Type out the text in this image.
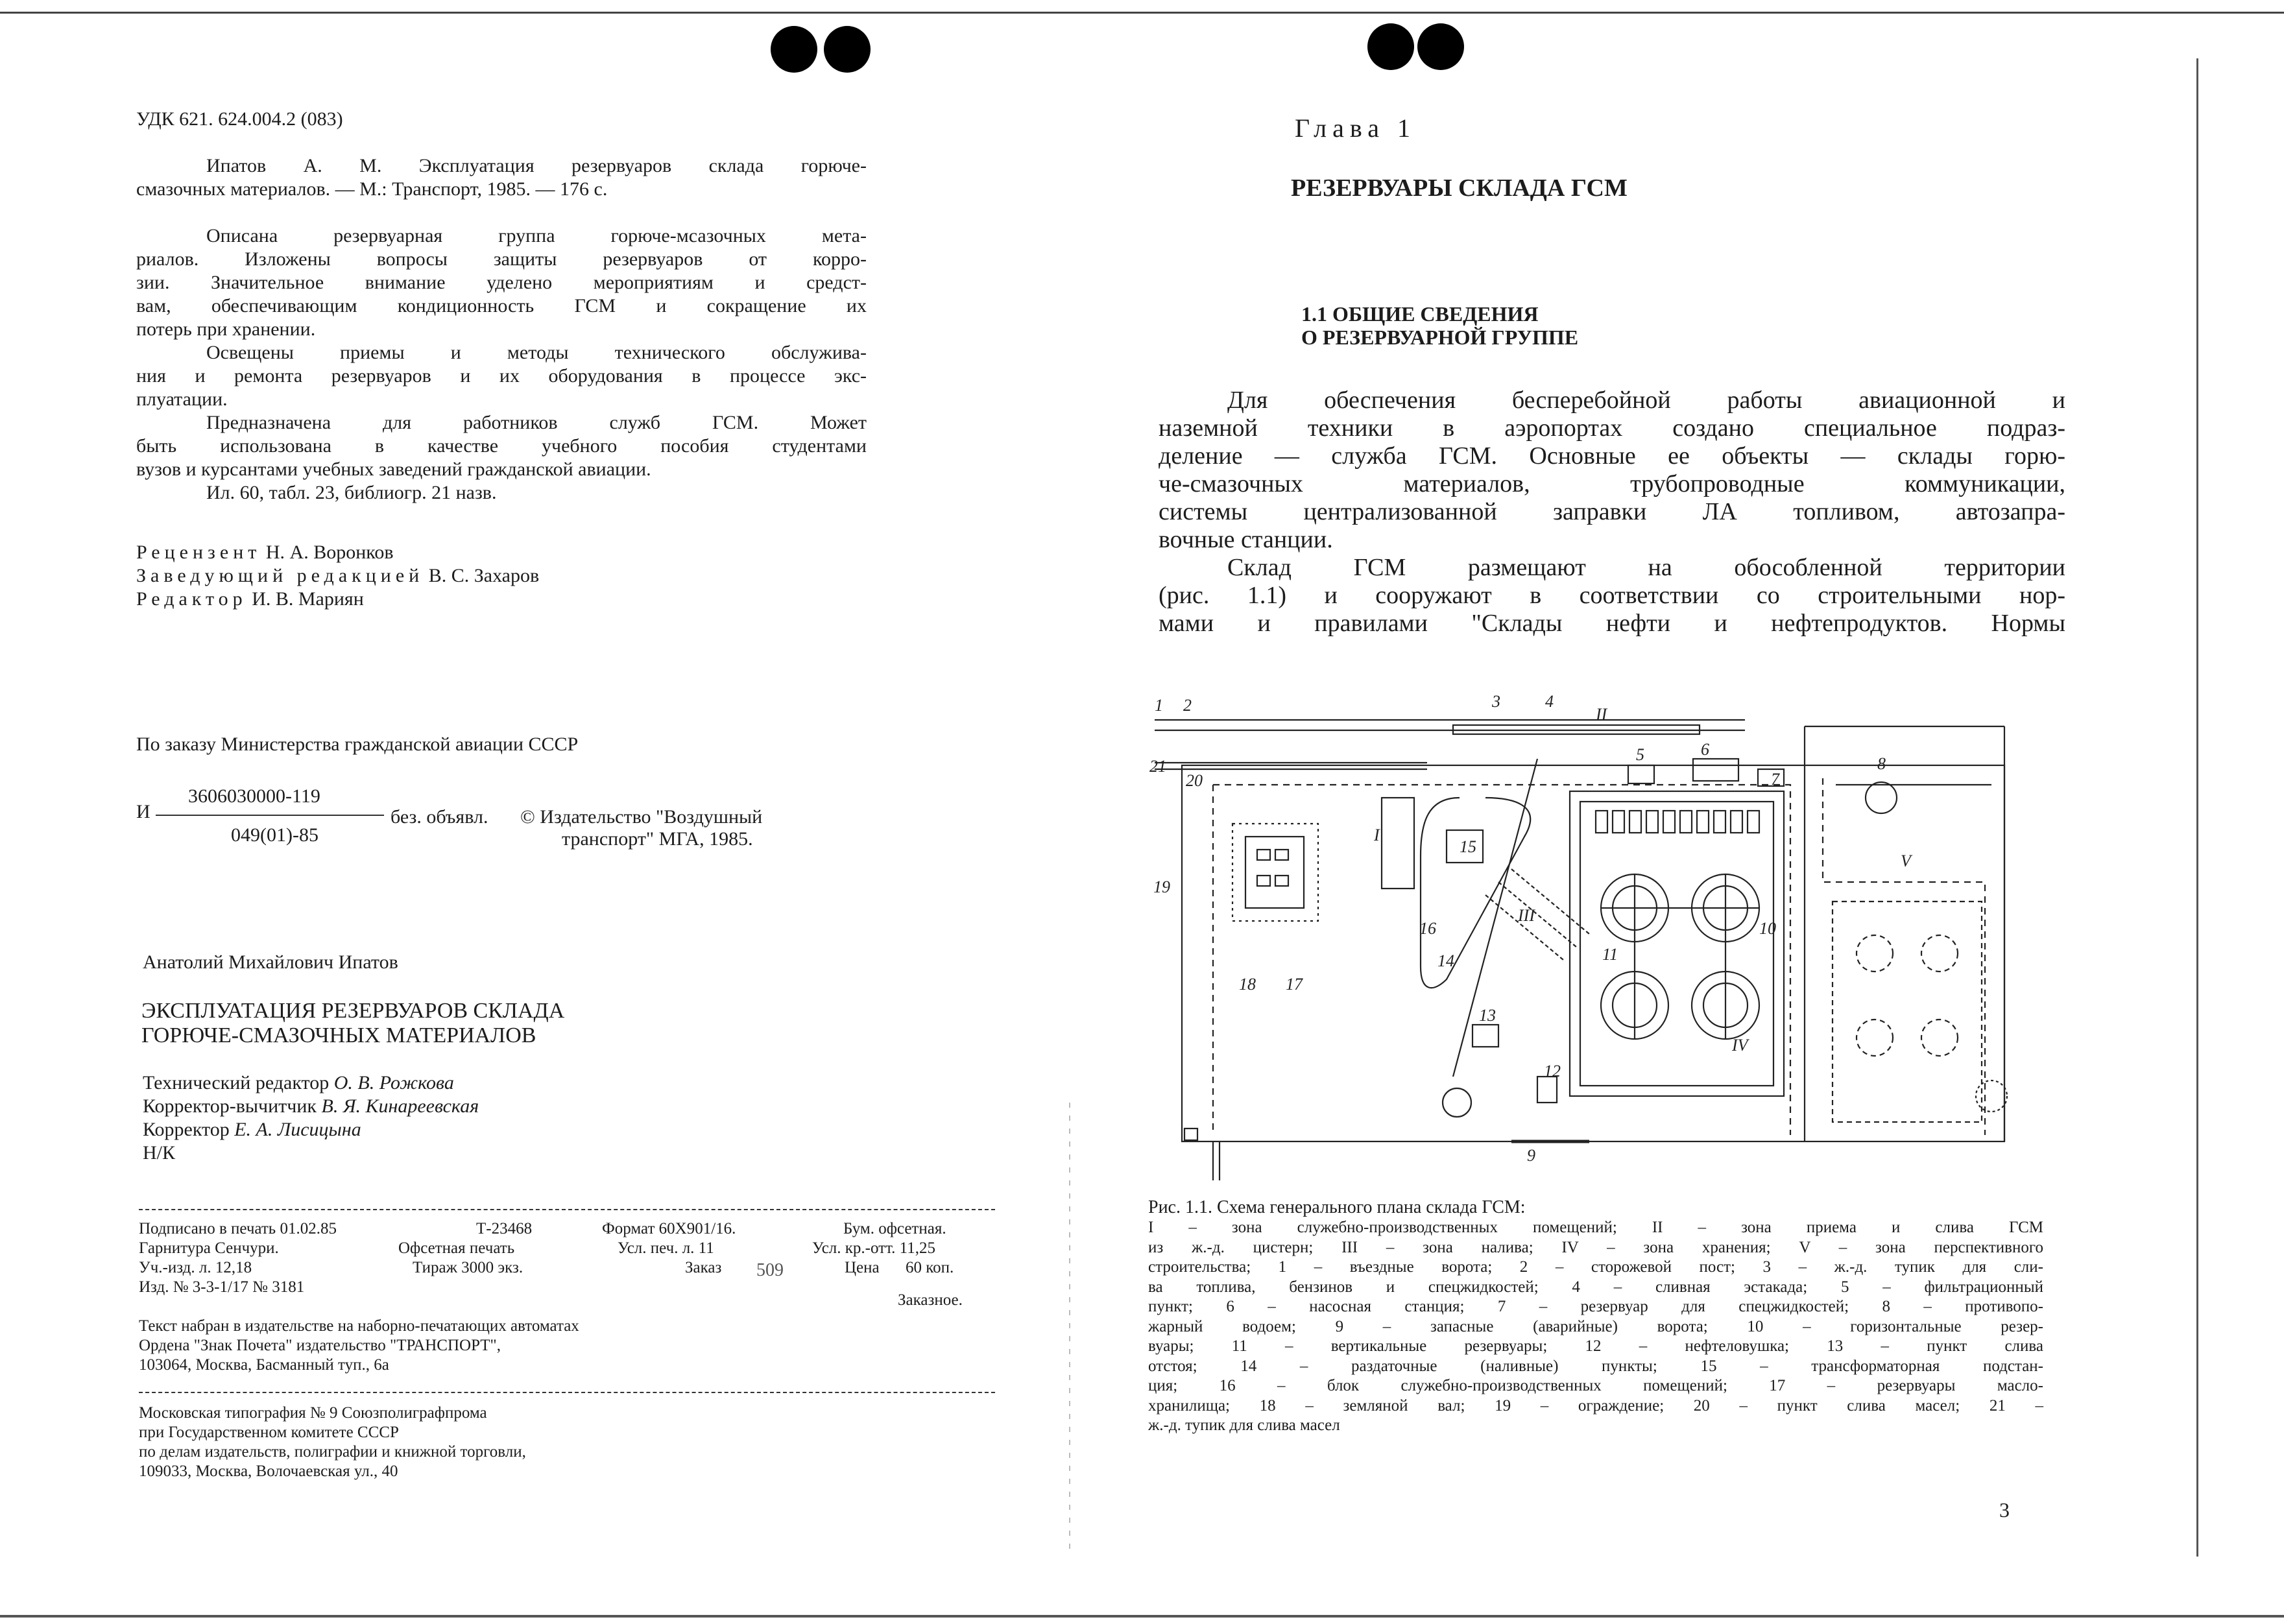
УДК 621. 624.004.2 (083)

Ипатов А. М. Эксплуатация резервуаров склада горюче-

смазочных материалов. — М.: Транспорт, 1985. — 176 с.

Описана резервуарная группа горюче-мсазочных мета-

риалов. Изложены вопросы защиты резервуаров от корро-

зии. Значительное внимание уделено мероприятиям и средст-

вам, обеспечивающим кондиционность ГСМ и сокращение их

потерь при хранении.

Освещены приемы и методы технического обслужива-

ния и ремонта резервуаров и их оборудования в процессе экс-

плуатации.

Предназначена для работников служб ГСМ. Может

быть использована в качестве учебного пособия студентами

вузов и курсантами учебных заведений гражданской авиации.

Ил. 60, табл. 23, библиогр. 21 назв.

Рецензент Н. А. Воронков
Заведующий редакцией В. С. Захаров
Редактор И. В. Мариян
По заказу Министерства гражданской авиации СССР
И
3606030000-119
049(01)-85
без. объявл. © Издательство "Воздушный
транспорт" МГА, 1985.
Анатолий Михайлович Ипатов
ЭКСПЛУАТАЦИЯ РЕЗЕРВУАРОВ СКЛАДА
ГОРЮЧЕ-СМАЗОЧНЫХ МАТЕРИАЛОВ
Технический редактор О. В. Рожкова
Корректор-вычитчик В. Я. Кинареевская
Корректор Е. А. Лисицына
Н/К
Подписано в печать 01.02.85	Т-23468	Формат 60Х901/16.	Бум. офсетная.
Гарнитура Сенчури.	Офсетная печать	Усл. печ. л. 11	Усл. кр.-отт. 11,25
Уч.-изд. л. 12,18	Тираж 3000 экз.	Заказ 509	Цена 60 коп.
Изд. № 3-3-1/17 № 3181
Заказное.
Текст набран в издательстве на наборно-печатающих автоматах
Ордена "Знак Почета" издательство "ТРАНСПОРТ",
103064, Москва, Басманный туп., 6а
Московская типография № 9 Союзполиграфпрома
при Государственном комитете СССР
по делам издательств, полиграфии и книжной торговли,
109033, Москва, Волочаевская ул., 40
Глава 1
РЕЗЕРВУАРЫ СКЛАДА ГСМ
1.1 ОБЩИЕ СВЕДЕНИЯ
О РЕЗЕРВУАРНОЙ ГРУППЕ

Для обеспечения бесперебойной работы авиационной и

наземной техники в аэропортах создано специальное подраз-

деление — служба ГСМ. Основные ее объекты — склады горю-

че-смазочных материалов, трубопроводные коммуникации,

системы централизованной заправки ЛА топливом, автозапра-

вочные станции.

Склад ГСМ размещают на обособленной территории

(рис. 1.1) и сооружают в соответствии со строительными нор-

мами и правилами "Склады нефти и нефтепродуктов. Нормы

1 2	3	4
5	6
7
8
9
10
11
12
13
14
15
16
17
18
19
20
21
I
II
III
IV
V

Рис. 1.1. Схема генерального плана склада ГСМ:

I – зона служебно-производственных помещений; II – зона приема и слива ГСМ

из ж.-д. цистерн; III – зона налива; IV – зона хранения; V – зона перспективного

строительства; 1 – въездные ворота; 2 – сторожевой пост; 3 – ж.-д. тупик для сли-

ва топлива, бензинов и спецжидкостей; 4 – сливная эстакада; 5 – фильтрационный

пункт; 6 – насосная станция; 7 – резервуар для спецжидкостей; 8 – противопо-

жарный водоем; 9 – запасные (аварийные) ворота; 10 – горизонтальные резер-

вуары; 11 – вертикальные резервуары; 12 – нефтеловушка; 13 – пункт слива

отстоя; 14 – раздаточные (наливные) пункты; 15 – трансформаторная подстан-

ция; 16 – блок служебно-производственных помещений; 17 – резервуары масло-

хранилища; 18 – земляной вал; 19 – ограждение; 20 – пункт слива масел; 21 –

ж.-д. тупик для слива масел

3
